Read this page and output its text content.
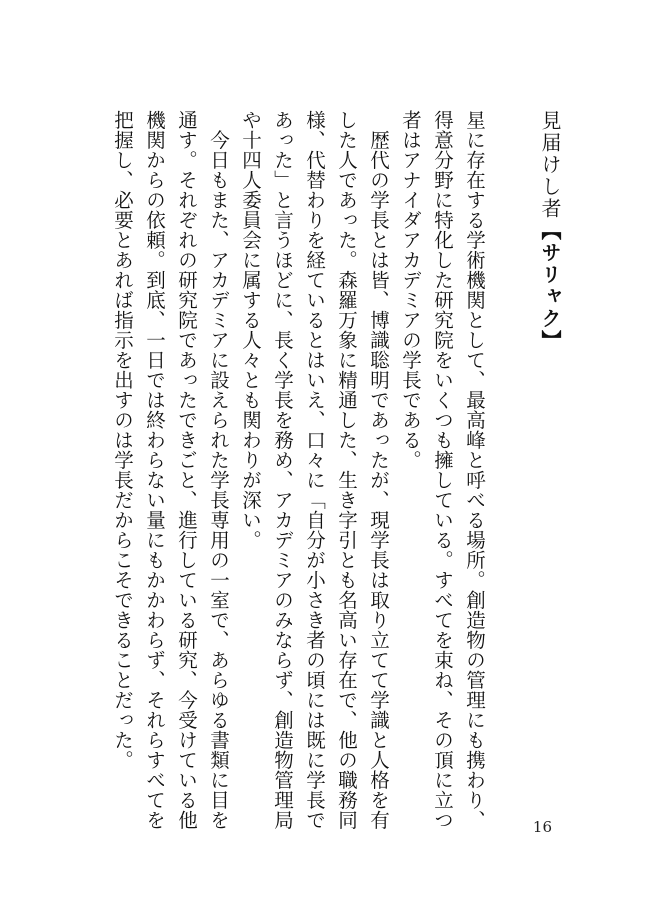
見届けし者【サリャク】

星に存在する学術機関として、最高峰と呼べる場所。創造物の管理にも携わり、得意分野に特化した研究院をいくつも擁している。すべてを束ね、その頂に立つ者はアナイダアカデミアの学長である。

歴代の学長とは皆、博識聡明であったが、現学長は取り立てて学識と人格を有した人であった。森羅万象に精通した、生き字引とも名高い存在で、他の職務同様、代替わりを経ているとはいえ、口々に「自分が小さき者の頃には既に学長であった」と言うほどに、長く学長を務め、アカデミアのみならず、創造物管理局や十四人委員会に属する人々とも関わりが深い。

今日もまた、アカデミアに設えられた学長専用の一室で、あらゆる書類に目を通す。それぞれの研究院であったできごと、進行している研究、今受けている他機関からの依頼。到底、一日では終わらない量にもかかわらず、それらすべてを把握し、必要とあれば指示を出すのは学長だからこそできることだった。

16
